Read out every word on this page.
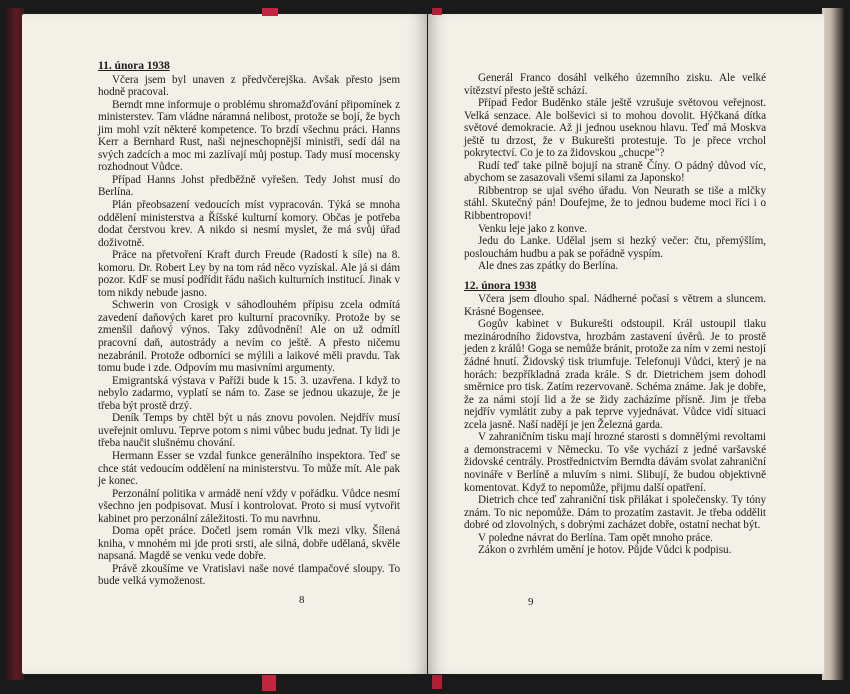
11. února 1938

Včera jsem byl unaven z předvčerejška. Avšak přesto jsem hodně pracoval.

Berndt mne informuje o problému shromažďování připomínek z ministerstev. Tam vládne náramná nelibost, protože se bojí, že bych jim mohl vzít některé kompetence. To brzdí všechnu práci. Hanns Kerr a Bernhard Rust, naši nejneschopnější ministři, sedí dál na svých zadcích a moc mi zazlívají můj postup. Tady musí mocensky rozhodnout Vůdce.

Případ Hanns Johst předběžně vyřešen. Tedy Johst musí do Berlína.

Plán přeobsazení vedoucích míst vypracován. Týká se mnoha oddělení ministerstva a Říšské kulturní komory. Občas je potřeba dodat čerstvou krev. A nikdo si nesmí myslet, že má svůj úřad doživotně.

Práce na přetvoření Kraft durch Freude (Radostí k síle) na 8. komoru. Dr. Robert Ley by na tom rád něco vyzískal. Ale já si dám pozor. KdF se musí podřídit řádu našich kulturních institucí. Jinak v tom nikdy nebude jasno.

Schwerin von Crosigk v sáhodlouhém přípisu zcela odmítá zavedení daňových karet pro kulturní pracovníky. Protože by se zmenšil daňový výnos. Taky zdůvodnění! Ale on už odmítl pracovní daň, autostrády a nevím co ještě. A přesto ničemu nezabránil. Protože odborníci se mýlili a laikové měli pravdu. Tak tomu bude i zde. Odpovím mu masivními argumenty.

Emigrantská výstava v Paříži bude k 15. 3. uzavřena. I když to nebylo zadarmo, vyplatí se nám to. Zase se jednou ukazuje, že je třeba být prostě drzý.

Deník Temps by chtěl být u nás znovu povolen. Nejdřív musí uveřejnit omluvu. Teprve potom s nimi vůbec budu jednat. Ty lidi je třeba naučit slušnému chování.

Hermann Esser se vzdal funkce generálního inspektora. Teď se chce stát vedoucím oddělení na ministerstvu. To může mít. Ale pak je konec.

Perzonální politika v armádě není vždy v pořádku. Vůdce nesmí všechno jen podpisovat. Musí i kontrolovat. Proto si musí vytvořit kabinet pro perzonální záležitosti. To mu navrhnu.

Doma opět práce. Dočetl jsem román Vlk mezi vlky. Šílená kniha, v mnohém mi jde proti srsti, ale silná, dobře udělaná, skvěle napsaná. Magdě se venku vede dobře.

Právě zkoušíme ve Vratislavi naše nové tlampačové sloupy. To bude velká vymoženost.

8

Generál Franco dosáhl velkého územního zisku. Ale velké vítězství přesto ještě schází.

Případ Fedor Buděnko stále ještě vzrušuje světovou veřejnost. Velká senzace. Ale bolševici si to mohou dovolit. Hýčkaná dítka světové demokracie. Až ji jednou useknou hlavu. Teď má Moskva ještě tu drzost, že v Bukurešti protestuje. To je přece vrchol pokrytectví. Co je to za židovskou „chucpe"?

Rudí teď take pilně bojují na straně Číny. O pádný důvod víc, abychom se zasazovali všemi silami za Japonsko!

Ribbentrop se ujal svého úřadu. Von Neurath se tiše a mlčky stáhl. Skutečný pán! Doufejme, že to jednou budeme moci říci i o Ribbentropovi!

Venku leje jako z konve.

Jedu do Lanke. Udělal jsem si hezký večer: čtu, přemýšlím, poslouchám hudbu a pak se pořádně vyspím.

Ale dnes zas zpátky do Berlína.

12. února 1938

Včera jsem dlouho spal. Nádherné počasí s větrem a sluncem. Krásné Bogensee.

Gogův kabinet v Bukurešti odstoupil. Král ustoupil tlaku mezinárodního židovstva, hrozbám zastavení úvěrů. Je to prostě jeden z králů! Goga se nemůže bránit, protože za ním v zemi nestojí žádné hnutí. Židovský tisk triumfuje. Telefonuji Vůdci, který je na horách: bezpříkladná zrada krále. S dr. Dietrichem jsem dohodl směrnice pro tisk. Zatím rezervovaně. Schéma známe. Jak je dobře, že za námi stojí lid a že se židy zacházíme přísně. Jim je třeba nejdřív vymlátit zuby a pak teprve vyjednávat. Vůdce vidí situaci zcela jasně. Naší nadějí je jen Železná garda.

V zahraničním tisku mají hrozné starosti s domnělými revoltami a demonstracemi v Německu. To vše vychází z jedné varšavské židovské centrály. Prostřednictvím Berndta dávám svolat zahraniční novináře v Berlíně a mluvím s nimi. Slibují, že budou objektivně komentovat. Když to nepomůže, přijmu další opatření.

Dietrich chce teď zahraniční tisk přilákat i společensky. Ty tóny znám. To nic nepomůže. Dám to prozatím zastavit. Je třeba oddělit dobré od zlovolných, s dobrými zacházet dobře, ostatní nechat být.

V poledne návrat do Berlína. Tam opět mnoho práce.

Zákon o zvrhlém umění je hotov. Půjde Vůdci k podpisu.

9
